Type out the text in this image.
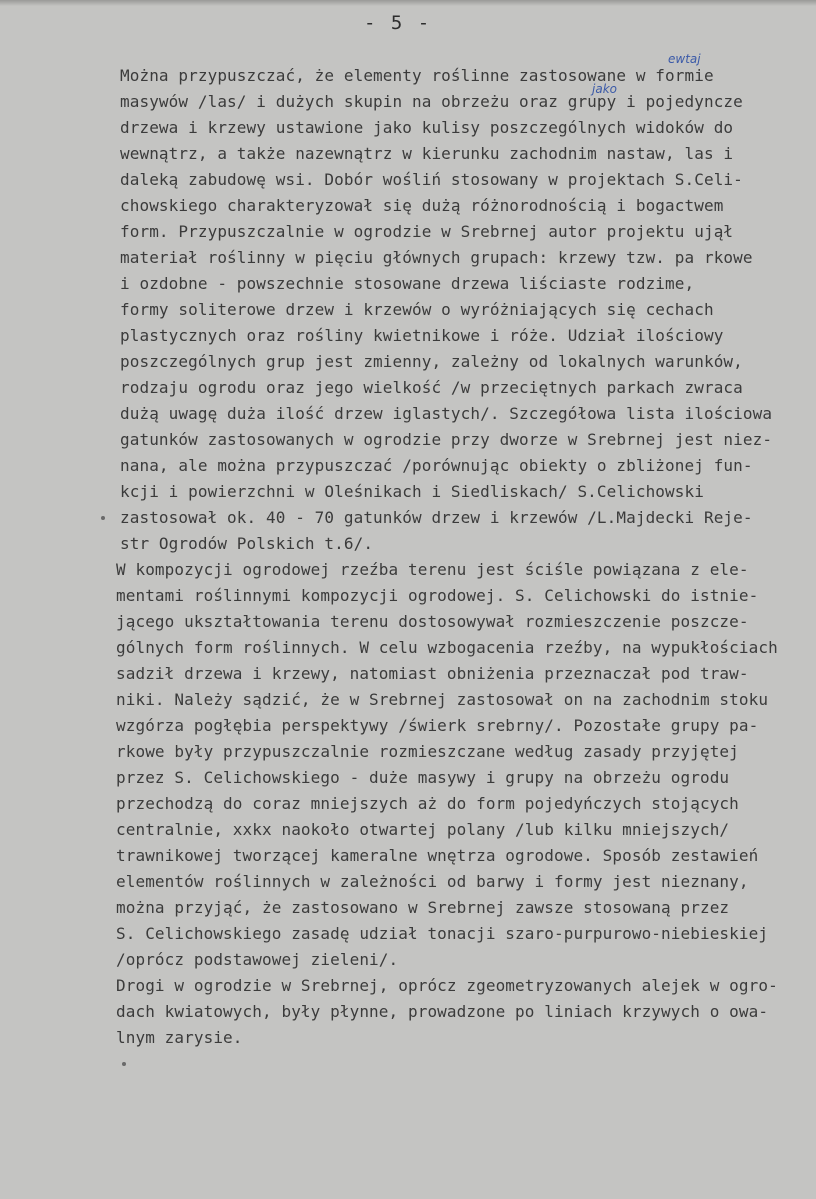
- 5 -
ewtaj
jako
Można przypuszczać, że elementy roślinne zastosowane w formie
masywów /las/ i dużych skupin na obrzeżu oraz grupy i pojedyncze
drzewa i krzewy ustawione jako kulisy poszczególnych widoków do
wewnątrz, a także nazewnątrz w kierunku zachodnim nastaw, las i
daleką zabudowę wsi. Dobór wośliń stosowany w projektach S.Celi-
chowskiego charakteryzował się dużą różnorodnością i bogactwem
form. Przypuszczalnie w ogrodzie w Srebrnej autor projektu ujął
materiał roślinny w pięciu głównych grupach: krzewy tzw. pa rkowe
i ozdobne - powszechnie stosowane drzewa liściaste rodzime,
formy soliterowe drzew i krzewów o wyróżniających się cechach
plastycznych oraz rośliny kwietnikowe i róże. Udział ilościowy
poszczególnych grup jest zmienny, zależny od lokalnych warunków,
rodzaju ogrodu oraz jego wielkość /w przeciętnych parkach zwraca
dużą uwagę duża ilość drzew iglastych/. Szczegółowa lista ilościowa
gatunków zastosowanych w ogrodzie przy dworze w Srebrnej jest niez-
nana, ale można przypuszczać /porównując obiekty o zbliżonej fun-
kcji i powierzchni w Oleśnikach i Siedliskach/ S.Celichowski
zastosował ok. 40 - 70 gatunków drzew i krzewów /L.Majdecki Reje-
str Ogrodów Polskich t.6/.
W kompozycji ogrodowej rzeźba terenu jest ściśle powiązana z ele-
mentami roślinnymi kompozycji ogrodowej. S. Celichowski do istnie-
jącego ukształtowania terenu dostosowywał rozmieszczenie poszcze-
gólnych form roślinnych. W celu wzbogacenia rzeźby, na wypukłościach
sadził drzewa i krzewy, natomiast obniżenia przeznaczał pod traw-
niki. Należy sądzić, że w Srebrnej zastosował on na zachodnim stoku
wzgórza pogłębia perspektywy /świerk srebrny/. Pozostałe grupy pa-
rkowe były przypuszczalnie rozmieszczane według zasady przyjętej
przez S. Celichowskiego - duże masywy i grupy na obrzeżu ogrodu
przechodzą do coraz mniejszych aż do form pojedyńczych stojących
centralnie, xxkx naokoło otwartej polany /lub kilku mniejszych/
trawnikowej tworzącej kameralne wnętrza ogrodowe. Sposób zestawień
elementów roślinnych w zależności od barwy i formy jest nieznany,
można przyjąć, że zastosowano w Srebrnej zawsze stosowaną przez
S. Celichowskiego zasadę udział tonacji szaro-purpurowo-niebieskiej
/oprócz podstawowej zieleni/.
Drogi w ogrodzie w Srebrnej, oprócz zgeometryzowanych alejek w ogro-
dach kwiatowych, były płynne, prowadzone po liniach krzywych o owa-
lnym zarysie.
